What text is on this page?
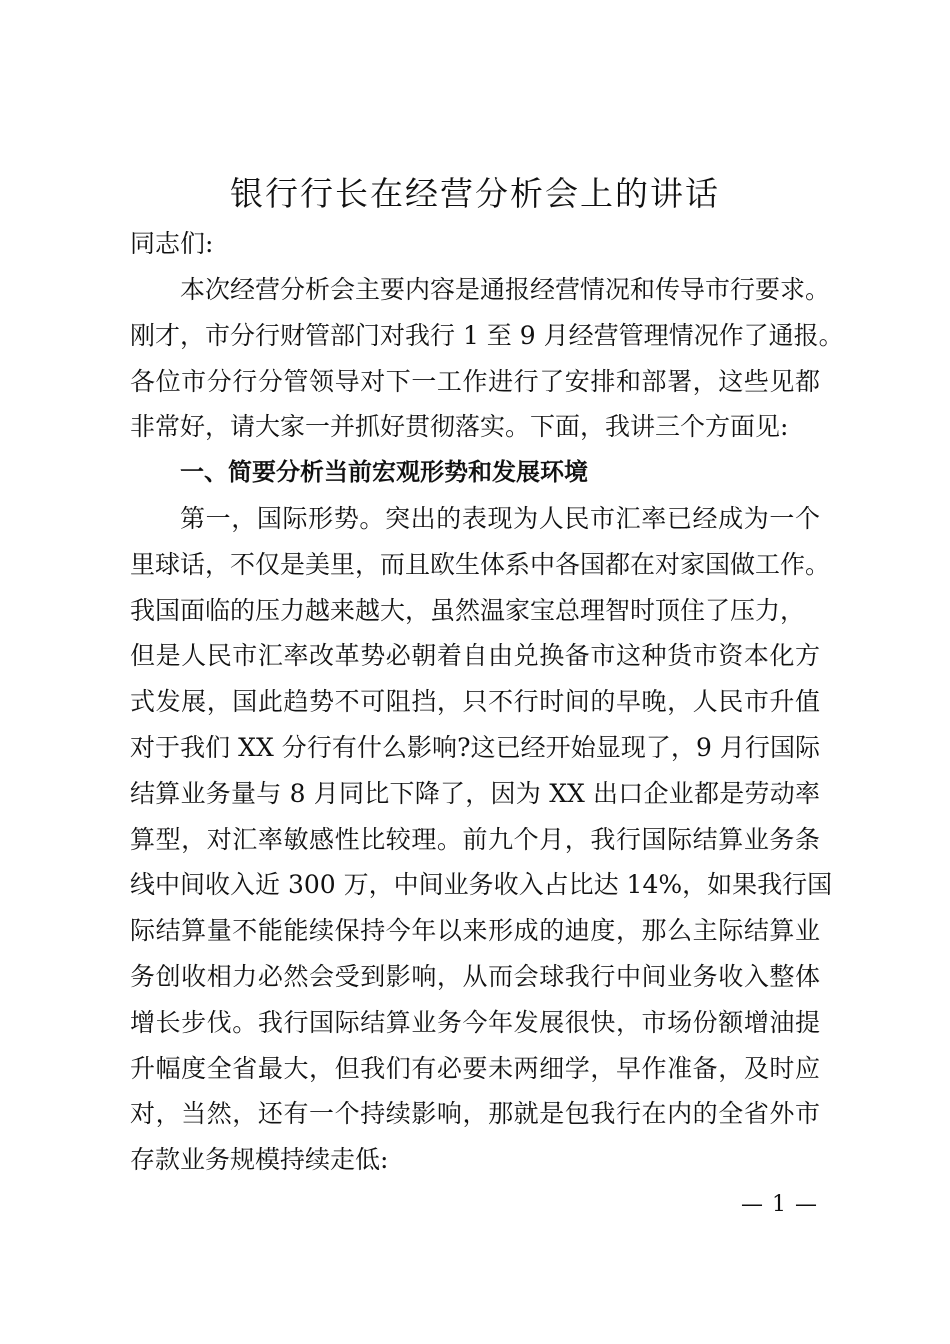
银行行长在经营分析会上的讲话

同志们:

本次经营分析会主要内容是通报经营情况和传导市行要求。
刚才，市分行财管部门对我行 1 至 9 月经营管理情况作了通报。
各位市分行分管领导对下一工作进行了安排和部署，这些见都
非常好，请大家一并抓好贯彻落实。下面，我讲三个方面见:
一、简要分析当前宏观形势和发展环境
第一，国际形势。突出的表现为人民市汇率已经成为一个
里球话，不仅是美里，而且欧生体系中各国都在对家国做工作。
我国面临的压力越来越大，虽然温家宝总理智时顶住了压力，
但是人民市汇率改革势必朝着自由兑换备市这种货市资本化方
式发展，国此趋势不可阻挡，只不行时间的早晚，人民市升值
对于我们 XX 分行有什么影响?这已经开始显现了，9 月行国际
结算业务量与 8 月同比下降了，因为 XX 出口企业都是劳动率
算型，对汇率敏感性比较理。前九个月，我行国际结算业务条
线中间收入近 300 万，中间业务收入占比达 14%，如果我行国
际结算量不能能续保持今年以来形成的迪度，那么主际结算业
务创收相力必然会受到影响，从而会球我行中间业务收入整体
增长步伐。我行国际结算业务今年发展很快，市场份额增油提
升幅度全省最大，但我们有必要未两细学，早作准备，及时应
对，当然，还有一个持续影响，那就是包我行在内的全省外市
存款业务规模持续走低:
— 1 —
